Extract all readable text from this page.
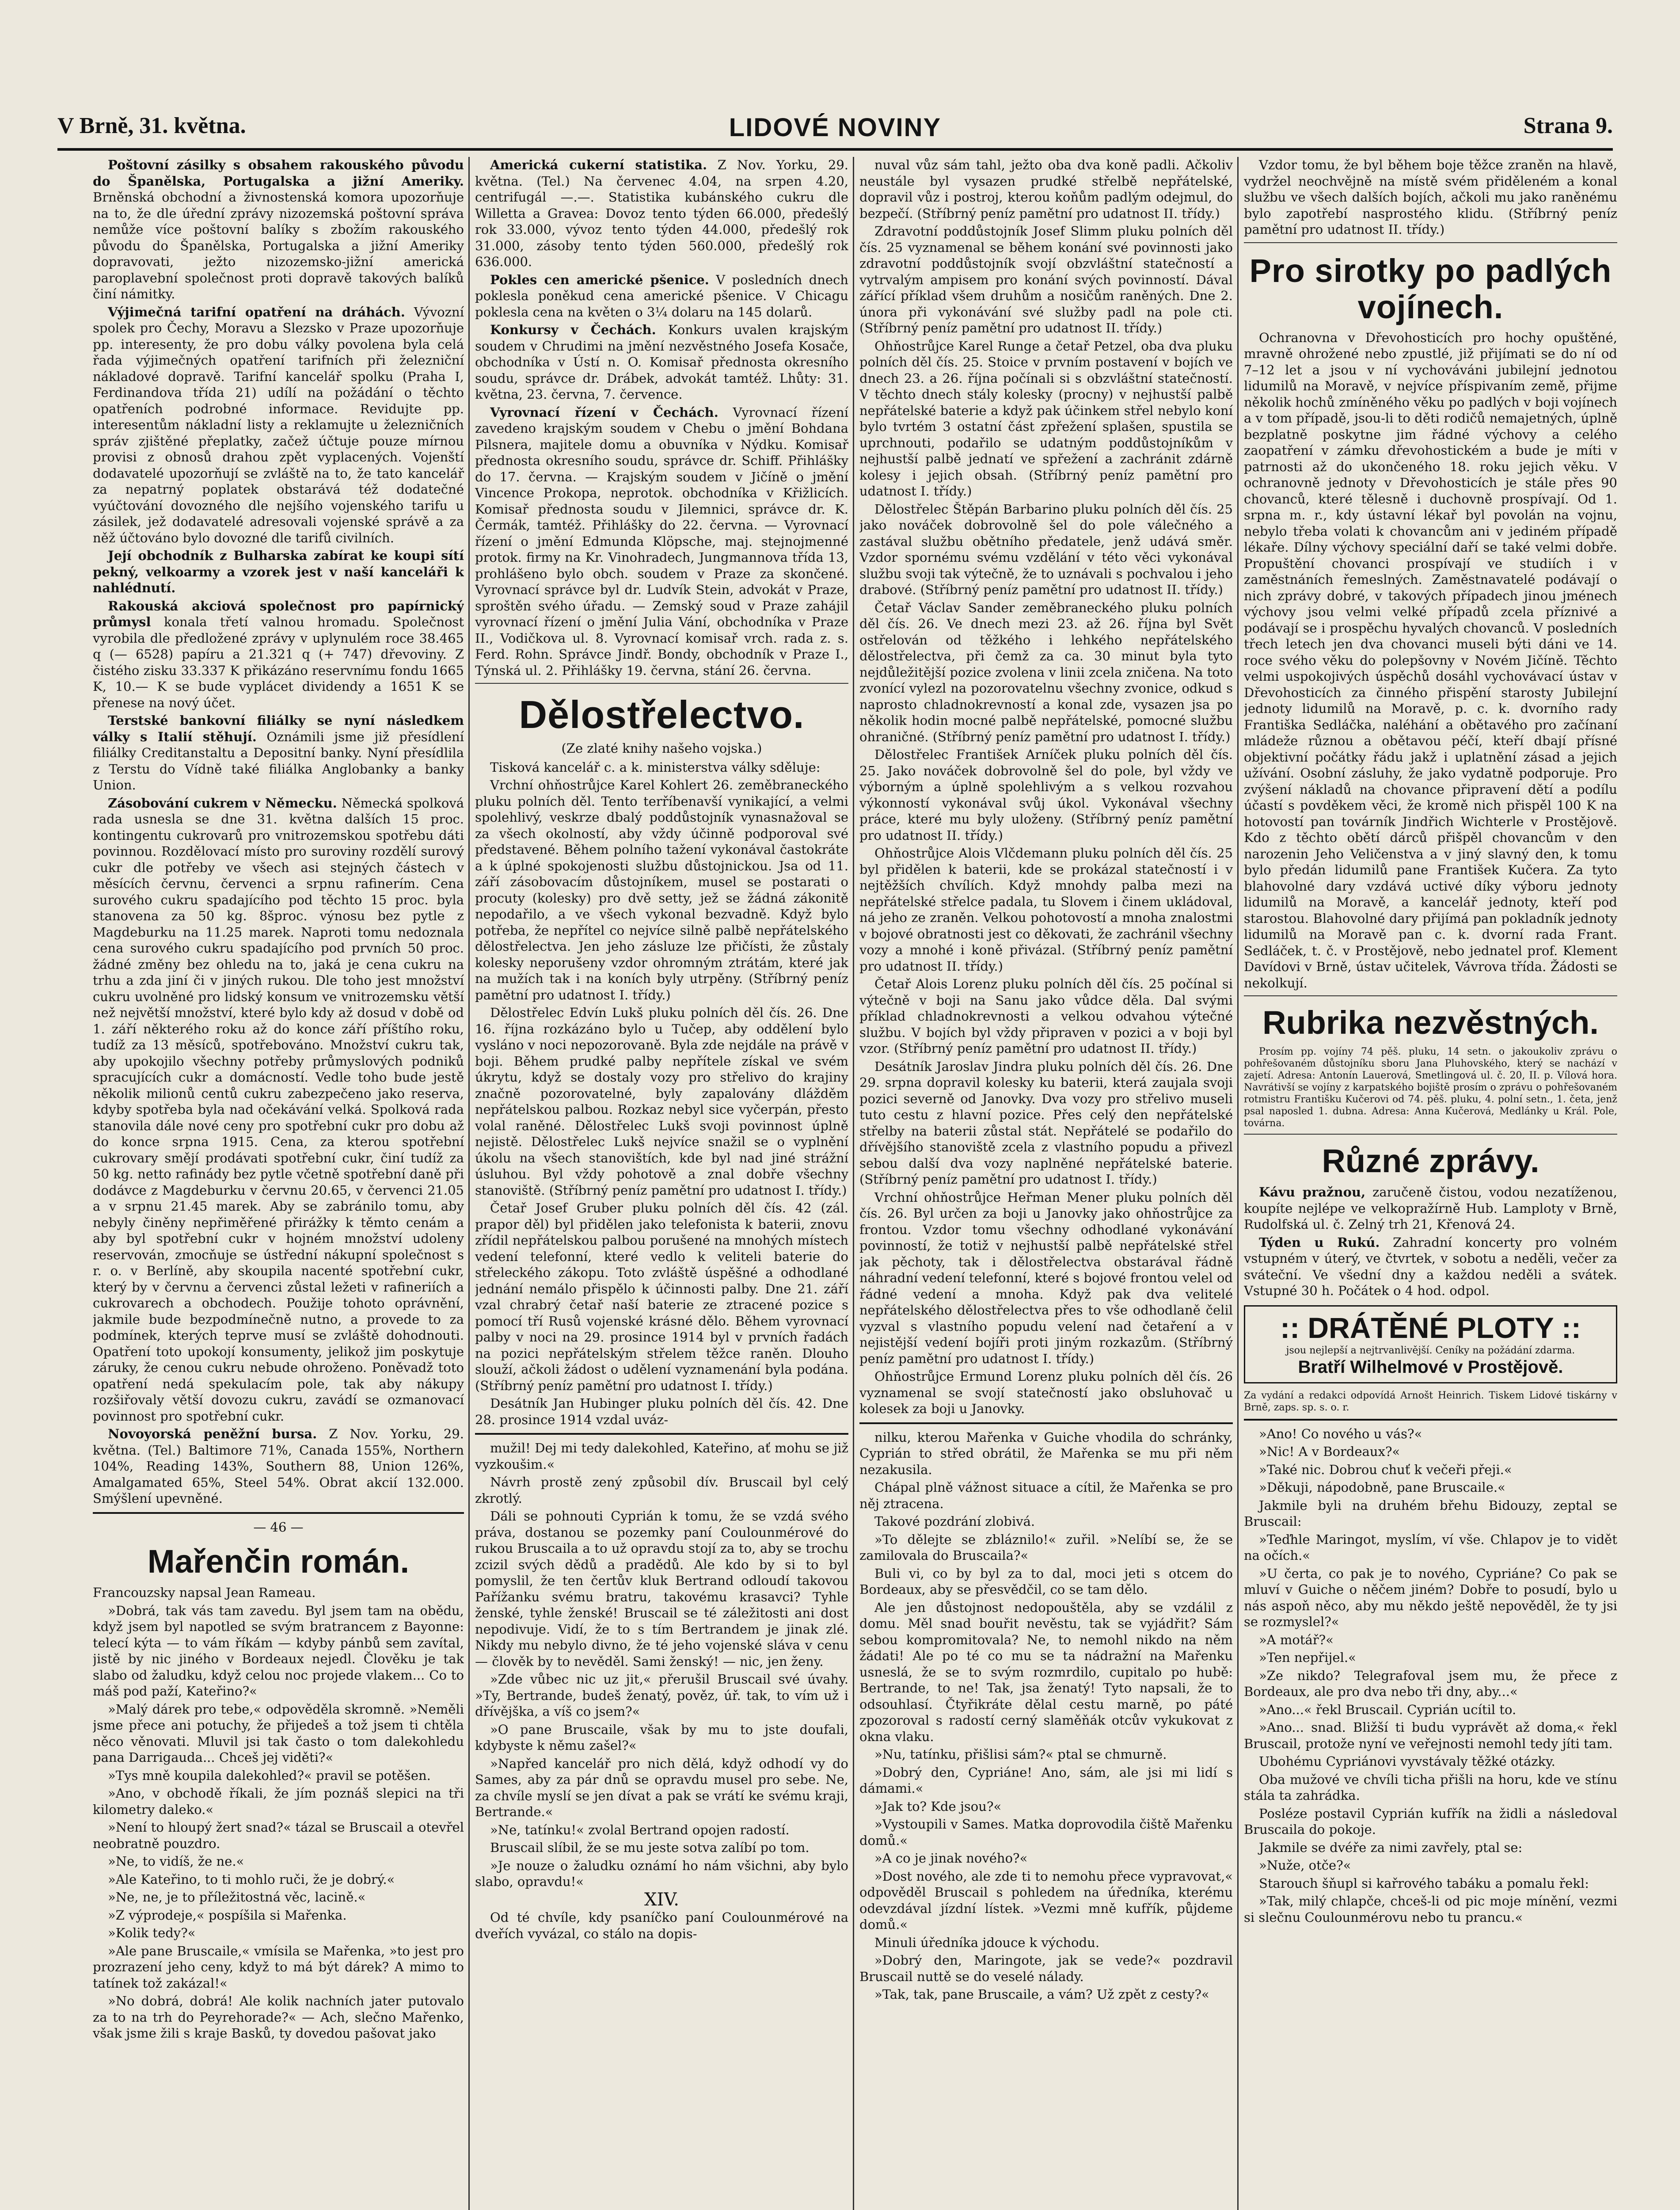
V Brně, 31. května.	LIDOVÉ NOVINY	Strana 9.

Poštovní zásilky s obsahem rakouského původu do Španělska, Portugalska a jižní Ameriky. Brněnská obchodní a živnostenská komora upozorňuje na to, že dle úřední zprávy nizozemská poštovní správa nemůže více poštovní balíky s zbožím rakouského původu do Španělska, Portugalska a jižní Ameriky dopravovati, ježto nizozemsko-jižní americká paroplavební společnost proti dopravě takových balíků činí námitky.

Výjimečná tarifní opatření na dráhách. Vývozní spolek pro Čechy, Moravu a Slezsko v Praze upozorňuje pp. interesenty, že pro dobu války povolena byla celá řada výjimečných opatření tarifních při železniční nákladové dopravě. Tarifní kancelář spolku (Praha I, Ferdinandova třída 21) udílí na požádání o těchto opatřeních podrobné informace. Revidujte pp. interesentům nákladní listy a reklamujte u železničních správ zjištěné přeplatky, začež účtuje pouze mírnou provisi z obnosů drahou zpět vyplacených. Vojenští dodavatelé upozorňují se zvláště na to, že tato kancelář za nepatrný poplatek obstarává též dodatečné vyúčtování dovozného dle nejšího vojenského tarifu u zásilek, jež dodavatelé adresovali vojenské správě a za něž účtováno bylo dovozné dle tarifů civilních.

Její obchodník z Bulharska zabírat ke koupi sítí pekný, velkoarmy a vzorek jest v naší kanceláři k nahlédnutí.

Rakouská akciová společnost pro papírnický průmysl konala třetí valnou hromadu. Společnost vyrobila dle předložené zprávy v uplynulém roce 38.465 q (— 6528) papíru a 21.321 q (+ 747) dřevoviny. Z čistého zisku 33.337 K přikázáno reservnímu fondu 1665 K, 10.— K se bude vyplácet dividendy a 1651 K se přenese na nový účet.

Terstské bankovní filiálky se nyní následkem války s Italií stěhují. Oznámili jsme již přesídlení filiálky Creditanstaltu a Depositní banky. Nyní přesídlila z Terstu do Vídně také filiálka Anglobanky a banky Union.

Zásobování cukrem v Německu. Německá spolková rada usnesla se dne 31. května dalších 15 proc. kontingentu cukrovarů pro vnitrozemskou spotřebu dáti povinnou. Rozdělovací místo pro suroviny rozdělí surový cukr dle potřeby ve všech asi stejných částech v měsících červnu, červenci a srpnu rafinerím. Cena surového cukru spadajícího pod těchto 15 proc. byla stanovena za 50 kg. 8šproc. výnosu bez pytle z Magdeburku na 11.25 marek. Naproti tomu nedoznala cena surového cukru spadajícího pod prvních 50 proc. žádné změny bez ohledu na to, jaká je cena cukru na trhu a zda jiní či v jiných rukou. Dle toho jest množství cukru uvolněné pro lidský konsum ve vnitrozemsku větší než největší množství, které bylo kdy až dosud v době od 1. září některého roku až do konce září příštího roku, tudíž za 13 měsíců, spotřebováno. Množství cukru tak, aby upokojilo všechny potřeby průmyslových podniků spracujících cukr a domácností. Vedle toho bude jestě několik milionů centů cukru zabezpečeno jako reserva, kdyby spotřeba byla nad očekávání velká. Spolková rada stanovila dále nové ceny pro spotřební cukr pro dobu až do konce srpna 1915. Cena, za kterou spotřební cukrovary smějí prodávati spotřební cukr, činí tudíž za 50 kg. netto rafinády bez pytle včetně spotřební daně při dodávce z Magdeburku v červnu 20.65, v červenci 21.05 a v srpnu 21.45 marek. Aby se zabránilo tomu, aby nebyly činěny nepřiměřené přirážky k těmto cenám a aby byl spotřební cukr v hojném množství udoleny reservován, zmocňuje se ústřední nákupní společnost s r. o. v Berlíně, aby skoupila nacenté spotřební cukr, který by v červnu a červenci zůstal ležeti v rafineriích a cukrovarech a obchodech. Použije tohoto oprávnění, jakmile bude bezpodmínečně nutno, a provede to za podmínek, kterých teprve musí se zvláště dohodnouti. Opatření toto upokojí konsumenty, jelikož jim poskytuje záruky, že cenou cukru nebude ohroženo. Poněvadž toto opatření nedá spekulacím pole, tak aby nákupy rozšiřovaly větší dovozu cukru, zavádí se ozmanovací povinnost pro spotřební cukr.

Novoyorská peněžní bursa. Z Nov. Yorku, 29. května. (Tel.) Baltimore 71%, Canada 155%, Northern 104%, Reading 143%, Southern 88, Union 126%, Amalgamated 65%, Steel 54%. Obrat akcií 132.000. Smýšlení upevněné.

— 46 —

Mařenčin román.

Francouzsky napsal Jean Rameau.

»Dobrá, tak vás tam zavedu. Byl jsem tam na obědu, když jsem byl napotled se svým bratrancem z Bayonne: telecí kýta — to vám říkám — kdyby pánbů sem zavítal, jistě by nic jiného v Bordeaux nejedl. Člověku je tak slabo od žaludku, když celou noc projede vlakem... Co to máš pod paží, Kateřino?«

»Malý dárek pro tebe,« odpověděla skromně. »Neměli jsme přece ani potuchy, že přijedeš a tož jsem ti chtěla něco věnovati. Mluvil jsi tak často o tom dalekohledu pana Darrigauda... Chceš jej viděti?«

»Tys mně koupila dalekohled?« pravil se potěšen.

»Ano, v obchodě říkali, že jím poznáš slepici na tři kilometry daleko.«

»Není to hloupý žert snad?« tázal se Bruscail a otevřel neobratně pouzdro.

»Ne, to vidíš, že ne.«

»Ale Kateřino, to ti mohlo ruči, že je dobrý.«

»Ne, ne, je to příležitostná věc, lacině.«

»Z výprodeje,« pospíšila si Mařenka.

»Kolik tedy?«

»Ale pane Bruscaile,« vmísila se Mařenka, »to jest pro prozrazení jeho ceny, když to má být dárek? A mimo to tatínek tož zakázal!«

»No dobrá, dobrá! Ale kolik nachních jater putovalo za to na trh do Peyrehorade?« — Ach, slečno Mařenko, však jsme žili s kraje Basků, ty dovedou pašovat jako

Americká cukerní statistika. Z Nov. Yorku, 29. května. (Tel.) Na červenec 4.04, na srpen 4.20, centrifugál —.—. Statistika kubánského cukru dle Willetta a Gravea: Dovoz tento týden 66.000, předešlý rok 33.000, vývoz tento týden 44.000, předešlý rok 31.000, zásoby tento týden 560.000, předešlý rok 636.000.

Pokles cen americké pšenice. V posledních dnech poklesla poněkud cena americké pšenice. V Chicagu poklesla cena na květen o 3¼ dolaru na 145 dolarů.

Konkursy v Čechách. Konkurs uvalen krajským soudem v Chrudimi na jmění nezvěstného Josefa Kosače, obchodníka v Ústí n. O. Komisař přednosta okresního soudu, správce dr. Drábek, advokát tamtéž. Lhůty: 31. května, 23. června, 7. července.

Vyrovnací řízení v Čechách. Vyrovnací řízení zavedeno krajským soudem v Chebu o jmění Bohdana Pilsnera, majitele domu a obuvníka v Nýdku. Komisař přednosta okresního soudu, správce dr. Schiff. Přihlášky do 17. června. — Krajským soudem v Jičíně o jmění Vincence Prokopa, neprotok. obchodníka v Křižlicích. Komisař přednosta soudu v Jilemnici, správce dr. K. Čermák, tamtéž. Přihlášky do 22. června. — Vyrovnací řízení o jmění Edmunda Klöpsche, maj. stejnojmenné protok. firmy na Kr. Vinohradech, Jungmannova třída 13, prohlášeno bylo obch. soudem v Praze za skončené. Vyrovnací správce byl dr. Ludvík Stein, advokát v Praze, sproštěn svého úřadu. — Zemský soud v Praze zahájil vyrovnací řízení o jmění Julia Vání, obchodníka v Praze II., Vodičkova ul. 8. Vyrovnací komisař vrch. rada z. s. Ferd. Rohn. Správce Jindř. Bondy, obchodník v Praze I., Týnská ul. 2. Přihlášky 19. června, stání 26. června.

Dělostřelectvo.
(Ze zlaté knihy našeho vojska.)

Tisková kancelář c. a k. ministerstva války sděluje:

Vrchní ohňostrůjce Karel Kohlert 26. zeměbraneckého pluku polních děl. Tento terříbenavší vynikající, a velmi spolehlivý, veskrze dbalý poddůstojník vynasnažoval se za všech okolností, aby vždy účinně podporoval své představené. Během polního tažení vykonával častokráte a k úplné spokojenosti službu důstojnickou. Jsa od 11. září zásobovacím důstojníkem, musel se postarati o procuty (kolesky) pro dvě setty, jež se žádná zákonitě nepodařilo, a ve všech vykonal bezvadně. Když bylo potřeba, že nepřítel co nejvíce silně palbě nepřátelského dělostřelectva. Jen jeho zásluze lze přičísti, že zůstaly kolesky neporušeny vzdor ohromným ztrátám, které jak na mužích tak i na koních byly utrpěny. (Stříbrný peníz pamětní pro udatnost I. třídy.)

Dělostřelec Edvín Lukš pluku polních děl čís. 26. Dne 16. října rozkázáno bylo u Tučep, aby oddělení bylo vysláno v noci nepozorovaně. Byla zde nejdále na právě v boji. Během prudké palby nepřítele získal ve svém úkrytu, když se dostaly vozy pro střelivo do krajiny značně pozorovatelné, byly zapalovány dlážděm nepřátelskou palbou. Rozkaz nebyl sice vyčerpán, přesto volal raněné. Dělostřelec Lukš svoji povinnost úplně nejistě. Dělostřelec Lukš nejvíce snažil se o vyplnění úkolu na všech stanovištích, kde byl nad jiné strážní úsluhou. Byl vždy pohotově a znal dobře všechny stanoviště. (Stříbrný peníz pamětní pro udatnost I. třídy.)

Četař Josef Gruber pluku polních děl čís. 42 (zál. prapor děl) byl přidělen jako telefonista k baterii, znovu zřídil nepřátelskou palbou porušené na mnohých místech vedení telefonní, které vedlo k veliteli baterie do střeleckého zákopu. Toto zvláště úspěšné a odhodlané jednání nemálo přispělo k účinnosti palby. Dne 21. září vzal chrabrý četař naší baterie ze ztracené pozice s pomocí tří Rusů vojenské krásné dělo. Během vyrovnací palby v noci na 29. prosince 1914 byl v prvních řadách na pozici nepřátelským střelem těžce raněn. Dlouho slouží, ačkoli žádost o udělení vyznamenání byla podána. (Stříbrný peníz pamětní pro udatnost I. třídy.)

Desátník Jan Hubinger pluku polních děl čís. 42. Dne 28. prosince 1914 vzdal uváz-

mužil! Dej mi tedy dalekohled, Kateřino, ať mohu se již vyzkoušim.«

Návrh prostě zený způsobil dív. Bruscail byl celý zkrotlý.

Dáli se pohnouti Cyprián k tomu, že se vzdá svého práva, dostanou se pozemky paní Coulounmérové do rukou Bruscaila a to už opravdu stojí za to, aby se trochu zcizil svých dědů a pradědů. Ale kdo by si to byl pomyslil, že ten čertův kluk Bertrand odloudí takovou Pařížanku svému bratru, takovému krasavci? Tyhle ženské, tyhle ženské! Bruscail se té záležitosti ani dost nepodivuje. Vidí, že to s tím Bertrandem je jinak zlé. Nikdy mu nebylo divno, že té jeho vojenské sláva v cenu — člověk by to nevěděl. Sami ženský! — nic, jen ženy.

»Zde vůbec nic uz jit,« přerušil Bruscail své úvahy. »Ty, Bertrande, budeš ženatý, pověz, úř. tak, to vím už i dřívějška, a víš co jsem?«

»O pane Bruscaile, však by mu to jste doufali, kdybyste k němu zašel?«

»Napřed kancelář pro nich dělá, když odhodí vy do Sames, aby za pár dnů se opravdu musel pro sebe. Ne, za chvíle myslí se jen dívat a pak se vrátí ke svému kraji, Bertrande.«

»Ne, tatínku!« zvolal Bertrand opojen radostí.

Bruscail slíbil, že se mu jeste sotva zalíbí po tom.

»Je nouze o žaludku oznámí ho nám všichni, aby bylo slabo, opravdu!«

XIV.

Od té chvíle, kdy psaníčko paní Coulounmérové na dveřích vyvázal, co stálo na dopis-

nuval vůz sám tahl, ježto oba dva koně padli. Ačkoliv neustále byl vysazen prudké střelbě nepřátelské, dopravil vůz i postroj, kterou koňům padlým odejmul, do bezpečí. (Stříbrný peníz pamětní pro udatnost II. třídy.)

Zdravotní poddůstojník Josef Slimm pluku polních děl čís. 25 vyznamenal se během konání své povinnosti jako zdravotní poddůstojník svojí obzvláštní statečností a vytrvalým ampisem pro konání svých povinností. Dával zářící příklad všem druhům a nosičům raněných. Dne 2. února při vykonávání své služby padl na pole cti. (Stříbrný peníz pamětní pro udatnost II. třídy.)

Ohňostrůjce Karel Runge a četař Petzel, oba dva pluku polních děl čís. 25. Stoice v prvním postavení v bojích ve dnech 23. a 26. října počínali si s obzvláštní statečností. V těchto dnech stály kolesky (procny) v nejhustší palbě nepřátelské baterie a když pak účinkem střel nebylo koní bylo tvrtém 3 ostatní část zpřežení splašen, spustila se uprchnouti, podařilo se udatným poddůstojníkům v nejhustší palbě jednatí ve spřežení a zachránit zdárně kolesy i jejich obsah. (Stříbrný peníz pamětní pro udatnost I. třídy.)

Dělostřelec Štěpán Barbarino pluku polních děl čís. 25 jako nováček dobrovolně šel do pole válečného a zastával službu obětního předatele, jenž udává směr. Vzdor spornému svému vzdělání v této věci vykonával službu svoji tak výtečně, že to uznávali s pochvalou i jeho drabové. (Stříbrný peníz pamětní pro udatnost II. třídy.)

Četař Václav Sander zeměbraneckého pluku polních děl čís. 26. Ve dnech mezi 23. až 26. října byl Svět ostřelován od těžkého i lehkého nepřátelského dělostřelectva, při čemž za ca. 30 minut byla tyto nejdůležitější pozice zvolena v linii zcela zničena. Na toto zvonící vylezl na pozorovatelnu všechny zvonice, odkud s naprosto chladnokrevností a konal zde, vysazen jsa po několik hodin mocné palbě nepřátelské, pomocné službu ohraničné. (Stříbrný peníz pamětní pro udatnost I. třídy.)

Dělostřelec František Arníček pluku polních děl čís. 25. Jako nováček dobrovolně šel do pole, byl vždy ve výborným a úplně spolehlivým a s velkou rozvahou výkonností vykonával svůj úkol. Vykonával všechny práce, které mu byly uloženy. (Stříbrný peníz pamětní pro udatnost II. třídy.)

Ohňostrůjce Alois Vlčdemann pluku polních děl čís. 25 byl přidělen k baterii, kde se prokázal statečností i v nejtěžších chvílích. Když mnohdy palba mezi na nepřátelské střelce padala, tu Slovem i činem ukládoval, ná jeho ze zraněn. Velkou pohotovostí a mnoha znalostmi v bojové obratnosti jest co děkovati, že zachránil všechny vozy a mnohé i koně přivázal. (Stříbrný peníz pamětní pro udatnost II. třídy.)

Četař Alois Lorenz pluku polních děl čís. 25 počínal si výtečně v boji na Sanu jako vůdce děla. Dal svými příklad chladnokrevnosti a velkou odvahou výtečné službu. V bojích byl vždy připraven v pozici a v boji byl vzor. (Stříbrný peníz pamětní pro udatnost II. třídy.)

Desátník Jaroslav Jindra pluku polních děl čís. 26. Dne 29. srpna dopravil kolesky ku baterii, která zaujala svoji pozici severně od Janovky. Dva vozy pro střelivo museli tuto cestu z hlavní pozice. Přes celý den nepřátelské střelby na baterii zůstal stát. Nepřátelé se podařilo do dřívějšího stanoviště zcela z vlastního popudu a přivezl sebou další dva vozy naplněné nepřátelské baterie. (Stříbrný peníz pamětní pro udatnost I. třídy.)

Vrchní ohňostrůjce Heřman Mener pluku polních děl čís. 26. Byl určen za boji u Janovky jako ohňostrůjce za frontou. Vzdor tomu všechny odhodlané vykonávání povinností, že totiž v nejhustší palbě nepřátelské střel jak pěchoty, tak i dělostřelectva obstarával řádně náhradní vedení telefonní, které s bojové frontou velel od řádné vedení a mnoha. Když pak dva velitelé nepřátelského dělostřelectva přes to vše odhodlaně čelil vyzval s vlastního popudu velení nad četaření a v nejistější vedení bojíři proti jiným rozkazům. (Stříbrný peníz pamětní pro udatnost I. třídy.)

Ohňostrůjce Ermund Lorenz pluku polních děl čís. 26 vyznamenal se svojí statečností jako obsluhovač u kolesek za boji u Janovky.

nilku, kterou Mařenka v Guiche vhodila do schránky, Cyprián to střed obrátil, že Mařenka se mu při něm nezakusila.

Chápal plně vážnost situace a cítil, že Mařenka se pro něj ztracena.

Takové pozdrání zlobivá.

»To dělejte se zbláznilo!« zuřil. »Nelíbí se, že se zamilovala do Bruscaila?«

Buli vi, co by byl za to dal, moci jeti s otcem do Bordeaux, aby se přesvědčil, co se tam dělo.

Ale jen důstojnost nedopouštěla, aby se vzdálil z domu. Měl snad bouřit nevěstu, tak se vyjádřit? Sám sebou kompromitovala? Ne, to nemohl nikdo na něm žádati! Ale po té co mu se ta nádražní na Mařenku usneslá, že se to svým rozmrdilo, cupitalo po hubě: Bertrande, to ne! Tak, jsa ženatý! Tyto napsali, že to odsouhlasí. Čtyřikráte dělal cestu marně, po páté zpozoroval s radostí cerný slaměňák otcův vykukovat z okna vlaku.

»Nu, tatínku, přišlisi sám?« ptal se chmurně.

»Dobrý den, Cypriáne! Ano, sám, ale jsi mi lidí s dámami.«

»Jak to? Kde jsou?«

»Vystoupili v Sames. Matka doprovodila čiště Mařenku domů.«

»A co je jinak nového?«

»Dost nového, ale zde ti to nemohu přece vypravovat,« odpověděl Bruscail s pohledem na úředníka, kterému odevzdával jízdní lístek. »Vezmi mně kufřík, půjdeme domů.«

Minuli úředníka jdouce k východu.

»Dobrý den, Maringote, jak se vede?« pozdravil Bruscail nuttě se do veselé nálady.

»Tak, tak, pane Bruscaile, a vám? Už zpět z cesty?«

Vzdor tomu, že byl během boje těžce zraněn na hlavě, vydržel neochvějně na místě svém přiděleném a konal službu ve všech dalších bojích, ačkoli mu jako raněnému bylo zapotřebí nasprostého klidu. (Stříbrný peníz pamětní pro udatnost II. třídy.)

Pro sirotky po padlých vojínech.

Ochranovna v Dřevohosticích pro hochy opuštěné, mravně ohrožené nebo zpustlé, již přijímati se do ní od 7–12 let a jsou v ní vychováváni jubilejní jednotou lidumilů na Moravě, v nejvíce příspivaním země, přijme několik hochů zmíněného věku po padlých v boji vojínech a v tom případě, jsou-li to děti rodičů nemajetných, úplně bezplatně poskytne jim řádné výchovy a celého zaopatření v zámku dřevohostickém a bude je míti v patrnosti až do ukončeného 18. roku jejich věku. V ochranovně jednoty v Dřevohosticích je stále přes 90 chovanců, které tělesně i duchovně prospívají. Od 1. srpna m. r., kdy ústavní lékař byl povolán na vojnu, nebylo třeba volati k chovancům ani v jediném případě lékaře. Dílny výchovy speciální daří se také velmi dobře. Propuštění chovanci prospívají ve studiích i v zaměstnáních řemeslných. Zaměstnavatelé podávají o nich zprávy dobré, v takových případech jinou jménech výchovy jsou velmi velké případů zcela příznivé a podávají se i prospěchu hyvalých chovanců. V posledních třech letech jen dva chovanci museli býti dáni ve 14. roce svého věku do polepšovny v Novém Jičíně. Těchto velmi uspokojivých úspěchů dosáhl vychovávací ústav v Dřevohosticích za činného přispění starosty Jubilejní jednoty lidumilů na Moravě, p. c. k. dvorního rady Františka Sedláčka, naléhání a obětavého pro začínaní mládeže různou a obětavou péčí, kteří dbají přísné objektivní počátky řádu jakž i uplatnění zásad a jejich užívání. Osobní zásluhy, že jako vydatně podporuje. Pro zvýšení nákladů na chovance připravení dětí a podílu účastí s povděkem věci, že kromě nich přispěl 100 K na hotovostí pan továrník Jindřich Wichterle v Prostějově. Kdo z těchto obětí dárců přišpěl chovancům v den narozenin Jeho Veličenstva a v jiný slavný den, k tomu bylo předán lidumilů pane František Kučera. Za tyto blahovolné dary vzdává uctivé díky výboru jednoty lidumilů na Moravě, a kancelář jednoty, kteří pod starostou. Blahovolné dary přijímá pan pokladník jednoty lidumilů na Moravě pan c. k. dvorní rada Frant. Sedláček, t. č. v Prostějově, nebo jednatel prof. Klement Davídovi v Brně, ústav učitelek, Vávrova třída. Žádosti se nekolkují.

Rubrika nezvěstných.

Prosím pp. vojíny 74 pěš. pluku, 14 setn. o jakoukoliv zprávu o pohřešovaném důstojníku sboru Jana Pluhovského, který se nachází v zajetí. Adresa: Antonín Lauerová, Smetlingová ul. č. 20, II. p. Vílová hora. Navrátivší se vojíny z karpatského bojiště prosím o zprávu o pohřešovaném rotmistru Františku Kučerovi od 74. pěš. pluku, 4. polní setn., 1. četa, jenž psal naposled 1. dubna. Adresa: Anna Kučerová, Medlánky u Král. Pole, továrna.

Různé zprávy.

Kávu pražnou, zaručeně čistou, vodou nezatíženou, koupíte nejlépe ve velkopražírně Hub. Lamploty v Brně, Rudolfská ul. č. Zelný trh 21, Křenová 24.

Týden u Rukú. Zahradní koncerty pro volném vstupném v úterý, ve čtvrtek, v sobotu a neděli, večer za sváteční. Ve všední dny a každou neděli a svátek. Vstupné 30 h. Počátek o 4 hod. odpol.

:: DRÁTĚNÉ PLOTY ::
jsou nejlepší a nejtrvanlivější. Ceníky na požádání zdarma.
Bratří Wilhelmové v Prostějově.

Za vydání a redakci odpovídá Arnošt Heinrich. Tiskem Lidové tiskárny v Brně, zaps. sp. s. o. r.

»Ano! Co nového u vás?«

»Nic! A v Bordeaux?«

»Také nic. Dobrou chuť k večeři přeji.«

»Děkuji, nápodobně, pane Bruscaile.«

Jakmile byli na druhém břehu Bidouzy, zeptal se Bruscail:

»Teďhle Maringot, myslím, ví vše. Chlapov je to vidět na očích.«

»U čerta, co pak je to nového, Cypriáne? Co pak se mluví v Guiche o něčem jiném? Dobře to posudí, bylo u nás aspoň něco, aby mu někdo ještě nepověděl, že ty jsi se rozmyslel?«

»A motář?«

»Ten nepřijel.«

»Ze nikdo? Telegrafoval jsem mu, že přece z Bordeaux, ale pro dva nebo tři dny, aby...«

»Ano...« řekl Bruscail. Cyprián ucítil to.

»Ano... snad. Bližší ti budu vyprávět až doma,« řekl Bruscail, protože nyní ve veřejnosti nemohl tedy jíti tam.

Ubohému Cypriánovi vyvstávaly těžké otázky.

Oba mužové ve chvíli ticha přišli na horu, kde ve stínu stála ta zahrádka.

Posléze postavil Cyprián kufřík na židli a následoval Bruscaila do pokoje.

Jakmile se dvéře za nimi zavřely, ptal se:

»Nuže, otče?«

Starouch šňupl si kařrového tabáku a pomalu řekl:

»Tak, milý chlapče, chceš-li od pic moje mínění, vezmi si slečnu Coulounmérovu nebo tu prancu.«
